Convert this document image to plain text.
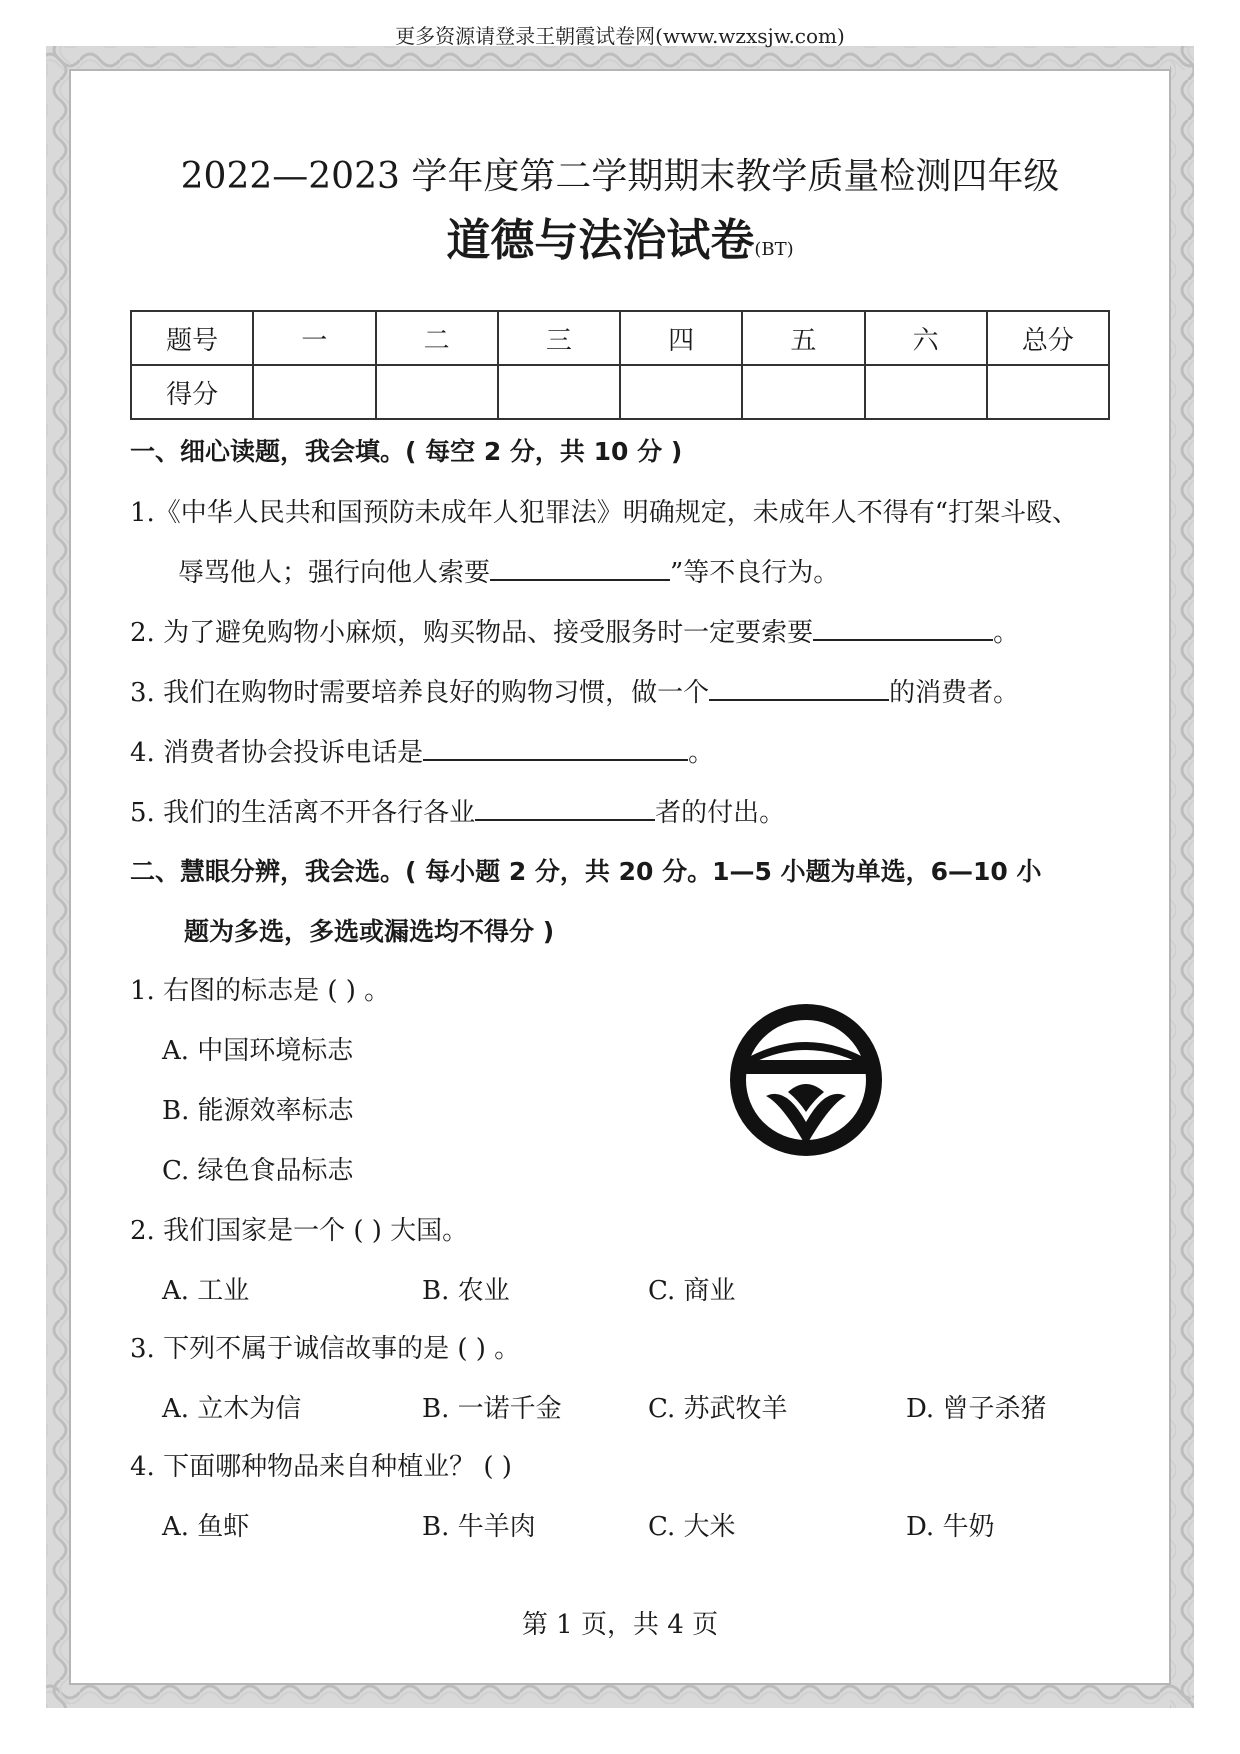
更多资源请登录王朝霞试卷网(www.wzxsjw.com)
2022—2023 学年度第二学期期末教学质量检测四年级
道德与法治试卷(BT)
题号	一	二	三	四	五	六	总分
得分							
一、细心读题，我会填。( 每空 2 分，共 10 分 )
1.《中华人民共和国预防未成年人犯罪法》明确规定，未成年人不得有“打架斗殴、
辱骂他人；强行向他人索要	”等不良行为。
2. 为了避免购物小麻烦，购买物品、接受服务时一定要索要	。
3. 我们在购物时需要培养良好的购物习惯，做一个	的消费者。
4. 消费者协会投诉电话是	。
5. 我们的生活离不开各行各业	者的付出。
二、慧眼分辨，我会选。( 每小题 2 分，共 20 分。1—5 小题为单选，6—10 小
题为多选，多选或漏选均不得分 )
1. 右图的标志是 ( ) 。
A. 中国环境标志
B. 能源效率标志
C. 绿色食品标志
2. 我们国家是一个 ( ) 大国。
A. 工业	B. 农业	C. 商业
3. 下列不属于诚信故事的是 ( ) 。
A. 立木为信	B. 一诺千金	C. 苏武牧羊	D. 曾子杀猪
4. 下面哪种物品来自种植业？ ( )
A. 鱼虾	B. 牛羊肉	C. 大米	D. 牛奶
第 1 页，共 4 页
